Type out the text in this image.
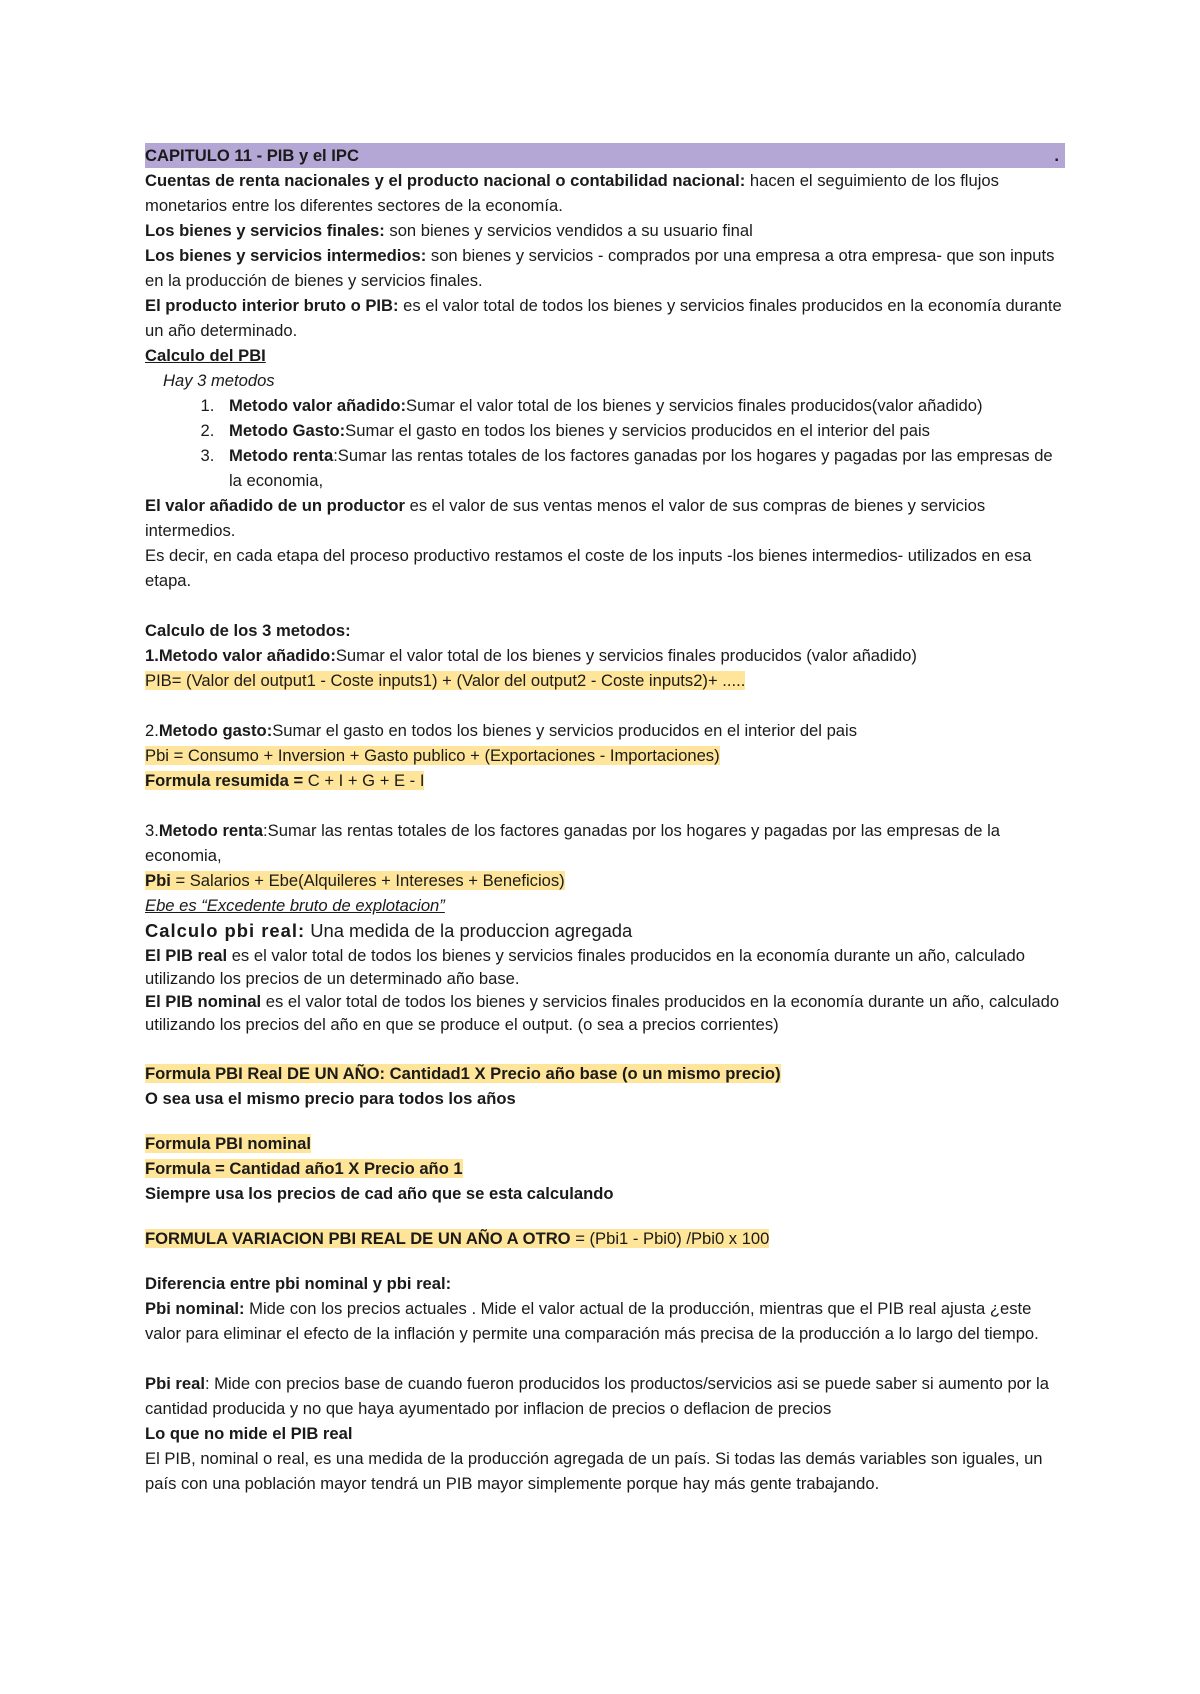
CAPITULO 11 - PIB y el IPC	.
Cuentas de renta nacionales y el producto nacional o contabilidad nacional: hacen el seguimiento de los flujos monetarios entre los diferentes sectores de la economía.
Los bienes y servicios finales: son bienes y servicios vendidos a su usuario final
Los bienes y servicios intermedios: son bienes y servicios - comprados por una empresa a otra empresa- que son inputs en la producción de bienes y servicios finales.
El producto interior bruto o PIB: es el valor total de todos los bienes y servicios finales producidos en la economía durante un año determinado.
Calculo del PBI
Hay 3 metodos
1. Metodo valor añadido:Sumar el valor total de los bienes y servicios finales producidos(valor añadido)
2. Metodo Gasto:Sumar el gasto en todos los bienes y servicios producidos en el interior del pais
3. Metodo renta:Sumar las rentas totales de los factores ganadas por los hogares y pagadas por las empresas de la economia,
El valor añadido de un productor es el valor de sus ventas menos el valor de sus compras de bienes y servicios intermedios.
Es decir, en cada etapa del proceso productivo restamos el coste de los inputs -los bienes intermedios- utilizados en esa etapa.
Calculo de los 3 metodos:
1.Metodo valor añadido:Sumar el valor total de los bienes y servicios finales producidos (valor añadido)
PIB= (Valor del output1 - Coste inputs1) + (Valor del output2 - Coste inputs2)+ .....
2.Metodo gasto:Sumar el gasto en todos los bienes y servicios producidos en el interior del pais
Pbi = Consumo + Inversion + Gasto publico + (Exportaciones - Importaciones)
Formula resumida = C + I + G + E - I
3.Metodo renta:Sumar las rentas totales de los factores ganadas por los hogares y pagadas por las empresas de la economia,
Pbi = Salarios + Ebe(Alquileres + Intereses + Beneficios)
Ebe es “Excedente bruto de explotacion”
Calculo pbi real: Una medida de la produccion agregada
El PIB real es el valor total de todos los bienes y servicios finales producidos en la economía durante un año, calculado utilizando los precios de un determinado año base.
El PIB nominal es el valor total de todos los bienes y servicios finales producidos en la economía durante un año, calculado utilizando los precios del año en que se produce el output. (o sea a precios corrientes)
Formula PBI Real DE UN AÑO: Cantidad1 X Precio año base (o un mismo precio)
O sea usa el mismo precio para todos los años
Formula PBI nominal
Formula = Cantidad año1 X Precio año 1
Siempre usa los precios de cad año que se esta calculando
FORMULA VARIACION PBI REAL DE UN AÑO A OTRO = (Pbi1 - Pbi0) /Pbi0 x 100
Diferencia entre pbi nominal y pbi real:
Pbi nominal: Mide con los precios actuales . Mide el valor actual de la producción, mientras que el PIB real ajusta ¿este valor para eliminar el efecto de la inflación y permite una comparación más precisa de la producción a lo largo del tiempo.
Pbi real: Mide con precios base de cuando fueron producidos los productos/servicios asi se puede saber si aumento por la cantidad producida y no que haya ayumentado por inflacion de precios o deflacion de precios
Lo que no mide el PIB real
El PIB, nominal o real, es una medida de la producción agregada de un país. Si todas las demás variables son iguales, un país con una población mayor tendrá un PIB mayor simplemente porque hay más gente trabajando.
